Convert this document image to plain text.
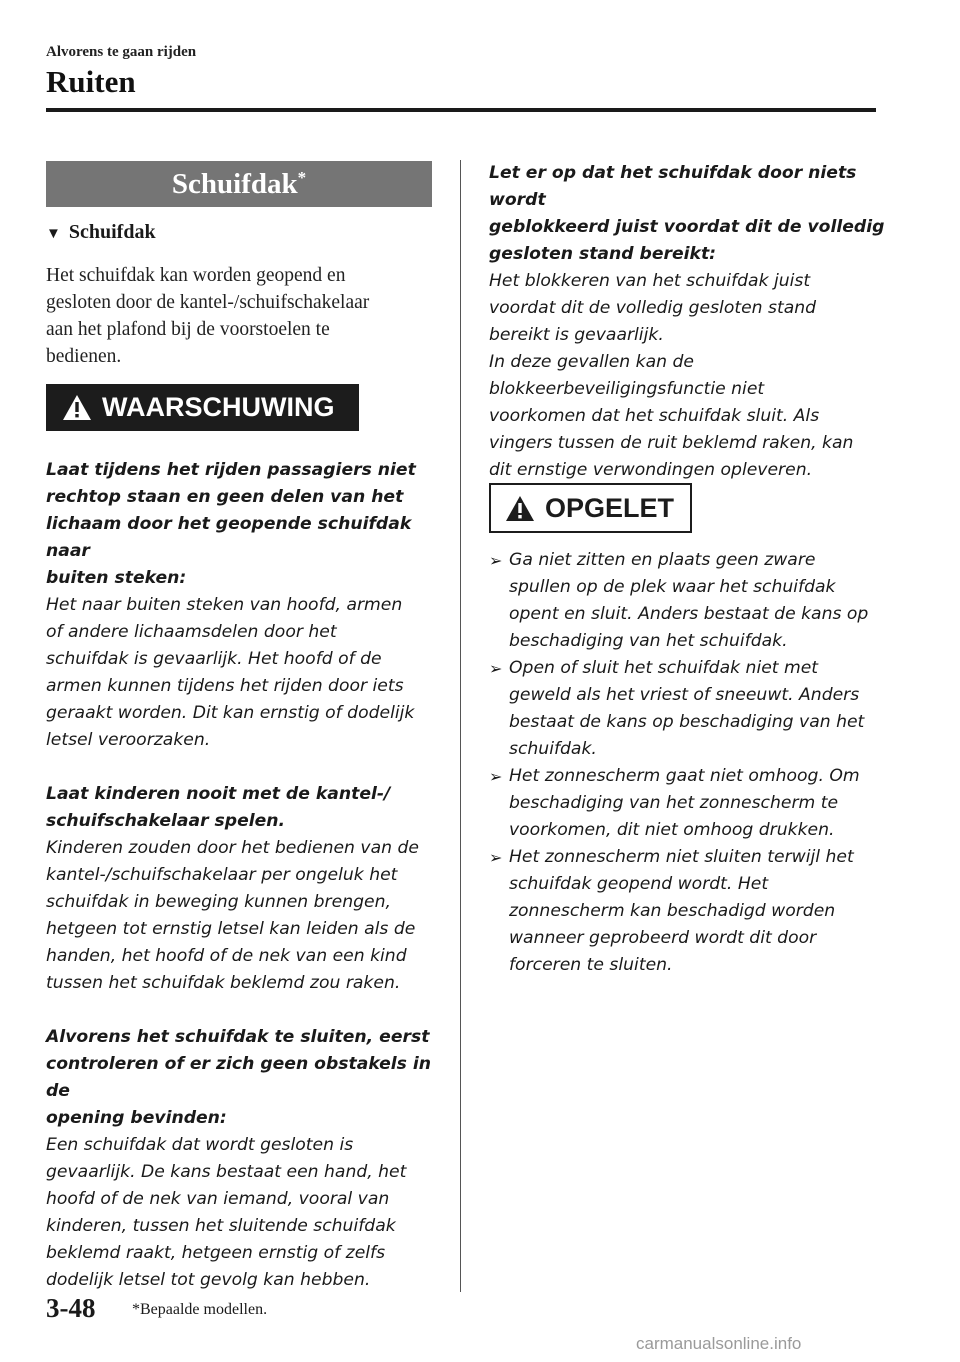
Alvorens te gaan rijden
Ruiten
Schuifdak*
▼ Schuifdak
Het schuifdak kan worden geopend en
gesloten door de kantel-/schuifschakelaar
aan het plafond bij de voorstoelen te
bedienen.
WAARSCHUWING

Laat tijdens het rijden passagiers niet

rechtop staan en geen delen van het

lichaam door het geopende schuifdak naar

buiten steken:

Het naar buiten steken van hoofd, armen

of andere lichaamsdelen door het

schuifdak is gevaarlijk. Het hoofd of de

armen kunnen tijdens het rijden door iets

geraakt worden. Dit kan ernstig of dodelijk

letsel veroorzaken.

Laat kinderen nooit met de kantel-/

schuifschakelaar spelen.

Kinderen zouden door het bedienen van de

kantel-/schuifschakelaar per ongeluk het

schuifdak in beweging kunnen brengen,

hetgeen tot ernstig letsel kan leiden als de

handen, het hoofd of de nek van een kind

tussen het schuifdak beklemd zou raken.

Alvorens het schuifdak te sluiten, eerst

controleren of er zich geen obstakels in de

opening bevinden:

Een schuifdak dat wordt gesloten is

gevaarlijk. De kans bestaat een hand, het

hoofd of de nek van iemand, vooral van

kinderen, tussen het sluitende schuifdak

beklemd raakt, hetgeen ernstig of zelfs

dodelijk letsel tot gevolg kan hebben.

Let er op dat het schuifdak door niets wordt

geblokkeerd juist voordat dit de volledig

gesloten stand bereikt:

Het blokkeren van het schuifdak juist

voordat dit de volledig gesloten stand

bereikt is gevaarlijk.

In deze gevallen kan de

blokkeerbeveiligingsfunctie niet

voorkomen dat het schuifdak sluit. Als

vingers tussen de ruit beklemd raken, kan

dit ernstige verwondingen opleveren.

OPGELET
➢ Ga niet zitten en plaats geen zware

spullen op de plek waar het schuifdak

opent en sluit. Anders bestaat de kans op

beschadiging van het schuifdak.

➢ Open of sluit het schuifdak niet met

geweld als het vriest of sneeuwt. Anders

bestaat de kans op beschadiging van het

schuifdak.

➢ Het zonnescherm gaat niet omhoog. Om

beschadiging van het zonnescherm te

voorkomen, dit niet omhoog drukken.

➢ Het zonnescherm niet sluiten terwijl het

schuifdak geopend wordt. Het

zonnescherm kan beschadigd worden

wanneer geprobeerd wordt dit door

forceren te sluiten.

3-48 *Bepaalde modellen.
carmanualsonline.info
